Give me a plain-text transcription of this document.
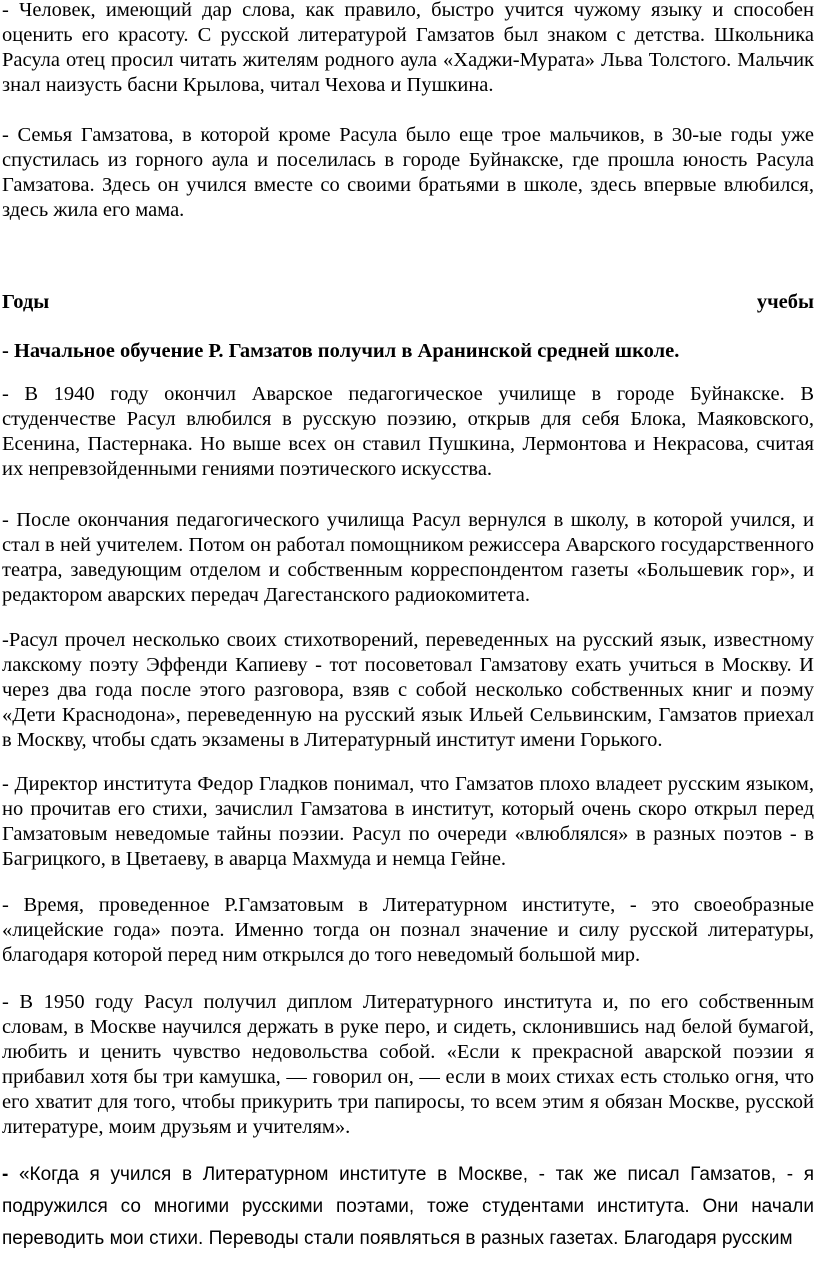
- Человек, имеющий дар слова, как правило, быстро учится чужому языку и способен оценить его красоту. С русской литературой Гамзатов был знаком с детства. Школьника Расула отец просил читать жителям родного аула «Хаджи-Мурата» Льва Толстого. Мальчик знал наизусть басни Крылова, читал Чехова и Пушкина.

- Семья Гамзатова, в которой кроме Расула было еще трое мальчиков, в 30-ые годы уже спустилась из горного аула и поселилась в городе Буйнакске, где прошла юность Расула Гамзатова. Здесь он учился вместе со своими братьями в школе, здесь впервые влюбился, здесь жила его мама.

Годы	учебы

- Начальное обучение Р. Гамзатов получил в Аранинской средней школе.

- В 1940 году окончил Аварское педагогическое училище в городе Буйнакске. В студенчестве Расул влюбился в русскую поэзию, открыв для себя Блока, Маяковского, Есенина, Пастернака. Но выше всех он ставил Пушкина, Лермонтова и Некрасова, считая их непревзойденными гениями поэтического искусства.

- После окончания педагогического училища Расул вернулся в школу, в которой учился, и стал в ней учителем. Потом он работал помощником режиссера Аварского государственного театра, заведующим отделом и собственным корреспондентом газеты «Большевик гор», и редактором аварских передач Дагестанского радиокомитета.

-Расул прочел несколько своих стихотворений, переведенных на русский язык, известному лакскому поэту Эффенди Капиеву - тот посоветовал Гамзатову ехать учиться в Москву. И через два года после этого разговора, взяв с собой несколько собственных книг и поэму «Дети Краснодона», переведенную на русский язык Ильей Сельвинским, Гамзатов приехал в Москву, чтобы сдать экзамены в Литературный институт имени Горького.

- Директор института Федор Гладков понимал, что Гамзатов плохо владеет русским языком, но прочитав его стихи, зачислил Гамзатова в институт, который очень скоро открыл перед Гамзатовым неведомые тайны поэзии. Расул по очереди «влюблялся» в разных поэтов - в Багрицкого, в Цветаеву, в аварца Махмуда и немца Гейне.

- Время, проведенное Р.Гамзатовым в Литературном институте, - это своеобразные «лицейские года» поэта. Именно тогда он познал значение и силу русской литературы, благодаря которой перед ним открылся до того неведомый большой мир.

- В 1950 году Расул получил диплом Литературного института и, по его собственным словам, в Москве научился держать в руке перо, и сидеть, склонившись над белой бумагой, любить и ценить чувство недовольства собой. «Если к прекрасной аварской поэзии я прибавил хотя бы три камушка, — говорил он, — если в моих стихах есть столько огня, что его хватит для того, чтобы прикурить три папиросы, то всем этим я обязан Москве, русской литературе, моим друзьям и учителям».

- «Когда я учился в Литературном институте в Москве, - так же писал Гамзатов, - я подружился со многими русскими поэтами, тоже студентами института. Они начали переводить мои стихи. Переводы стали появляться в разных газетах. Благодаря русским
